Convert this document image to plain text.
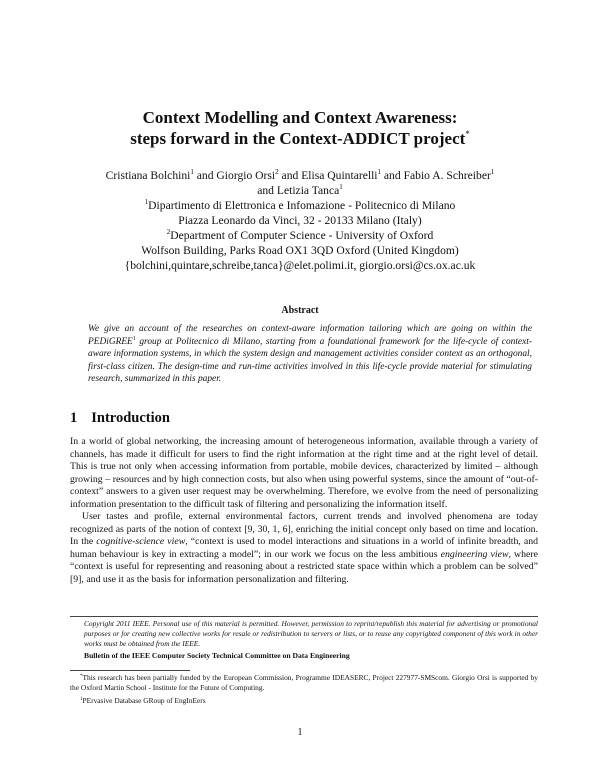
Context Modelling and Context Awareness:
steps forward in the Context-ADDICT project*
Cristiana Bolchini$^1$ and Giorgio Orsi$^2$ and Elisa Quintarelli$^1$ and Fabio A. Schreiber$^1$
and Letizia Tanca$^1$
$^1$Dipartimento di Elettronica e Infomazione - Politecnico di Milano
Piazza Leonardo da Vinci, 32 - 20133 Milano (Italy)
$^2$Department of Computer Science - University of Oxford
Wolfson Building, Parks Road OX1 3QD Oxford (United Kingdom)
{bolchini,quintare,schreibe,tanca}@elet.polimi.it, giorgio.orsi@cs.ox.ac.uk
Abstract
We give an account of the researches on context-aware information tailoring which are going on within the PEDiGREE$^1$ group at Politecnico di Milano, starting from a foundational framework for the life-cycle of context-aware information systems, in which the system design and management activities consider context as an orthogonal, first-class citizen. The design-time and run-time activities involved in this life-cycle provide material for stimulating research, summarized in this paper.
1 Introduction

In a world of global networking, the increasing amount of heterogeneous information, available through a variety of channels, has made it difficult for users to find the right information at the right time and at the right level of detail. This is true not only when accessing information from portable, mobile devices, characterized by limited – although growing – resources and by high connection costs, but also when using powerful systems, since the amount of “out-of-context” answers to a given user request may be overwhelming. Therefore, we evolve from the need of personalizing information presentation to the difficult task of filtering and personalizing the information itself.

User tastes and profile, external environmental factors, current trends and involved phenomena are today recognized as parts of the notion of context [9, 30, 1, 6], enriching the initial concept only based on time and location. In the cognitive-science view, “context is used to model interactions and situations in a world of infinite breadth, and human behaviour is key in extracting a model”; in our work we focus on the less ambitious engineering view, where “context is useful for representing and reasoning about a restricted state space within which a problem can be solved” [9], and use it as the basis for information personalization and filtering.

Copyright 2011 IEEE. Personal use of this material is permitted. However, permission to reprint/republish this material for advertising or promotional purposes or for creating new collective works for resale or redistribution to servers or lists, or to reuse any copyrighted component of this work in other works must be obtained from the IEEE.
Bulletin of the IEEE Computer Society Technical Committee on Data Engineering

*This research has been partially funded by the European Commission, Programme IDEASERC, Project 227977-SMScom. Giorgio Orsi is supported by the Oxford Martin School - Institute for the Future of Computing.

$^1$PErvasive Database GRoup of EngInEers

1
